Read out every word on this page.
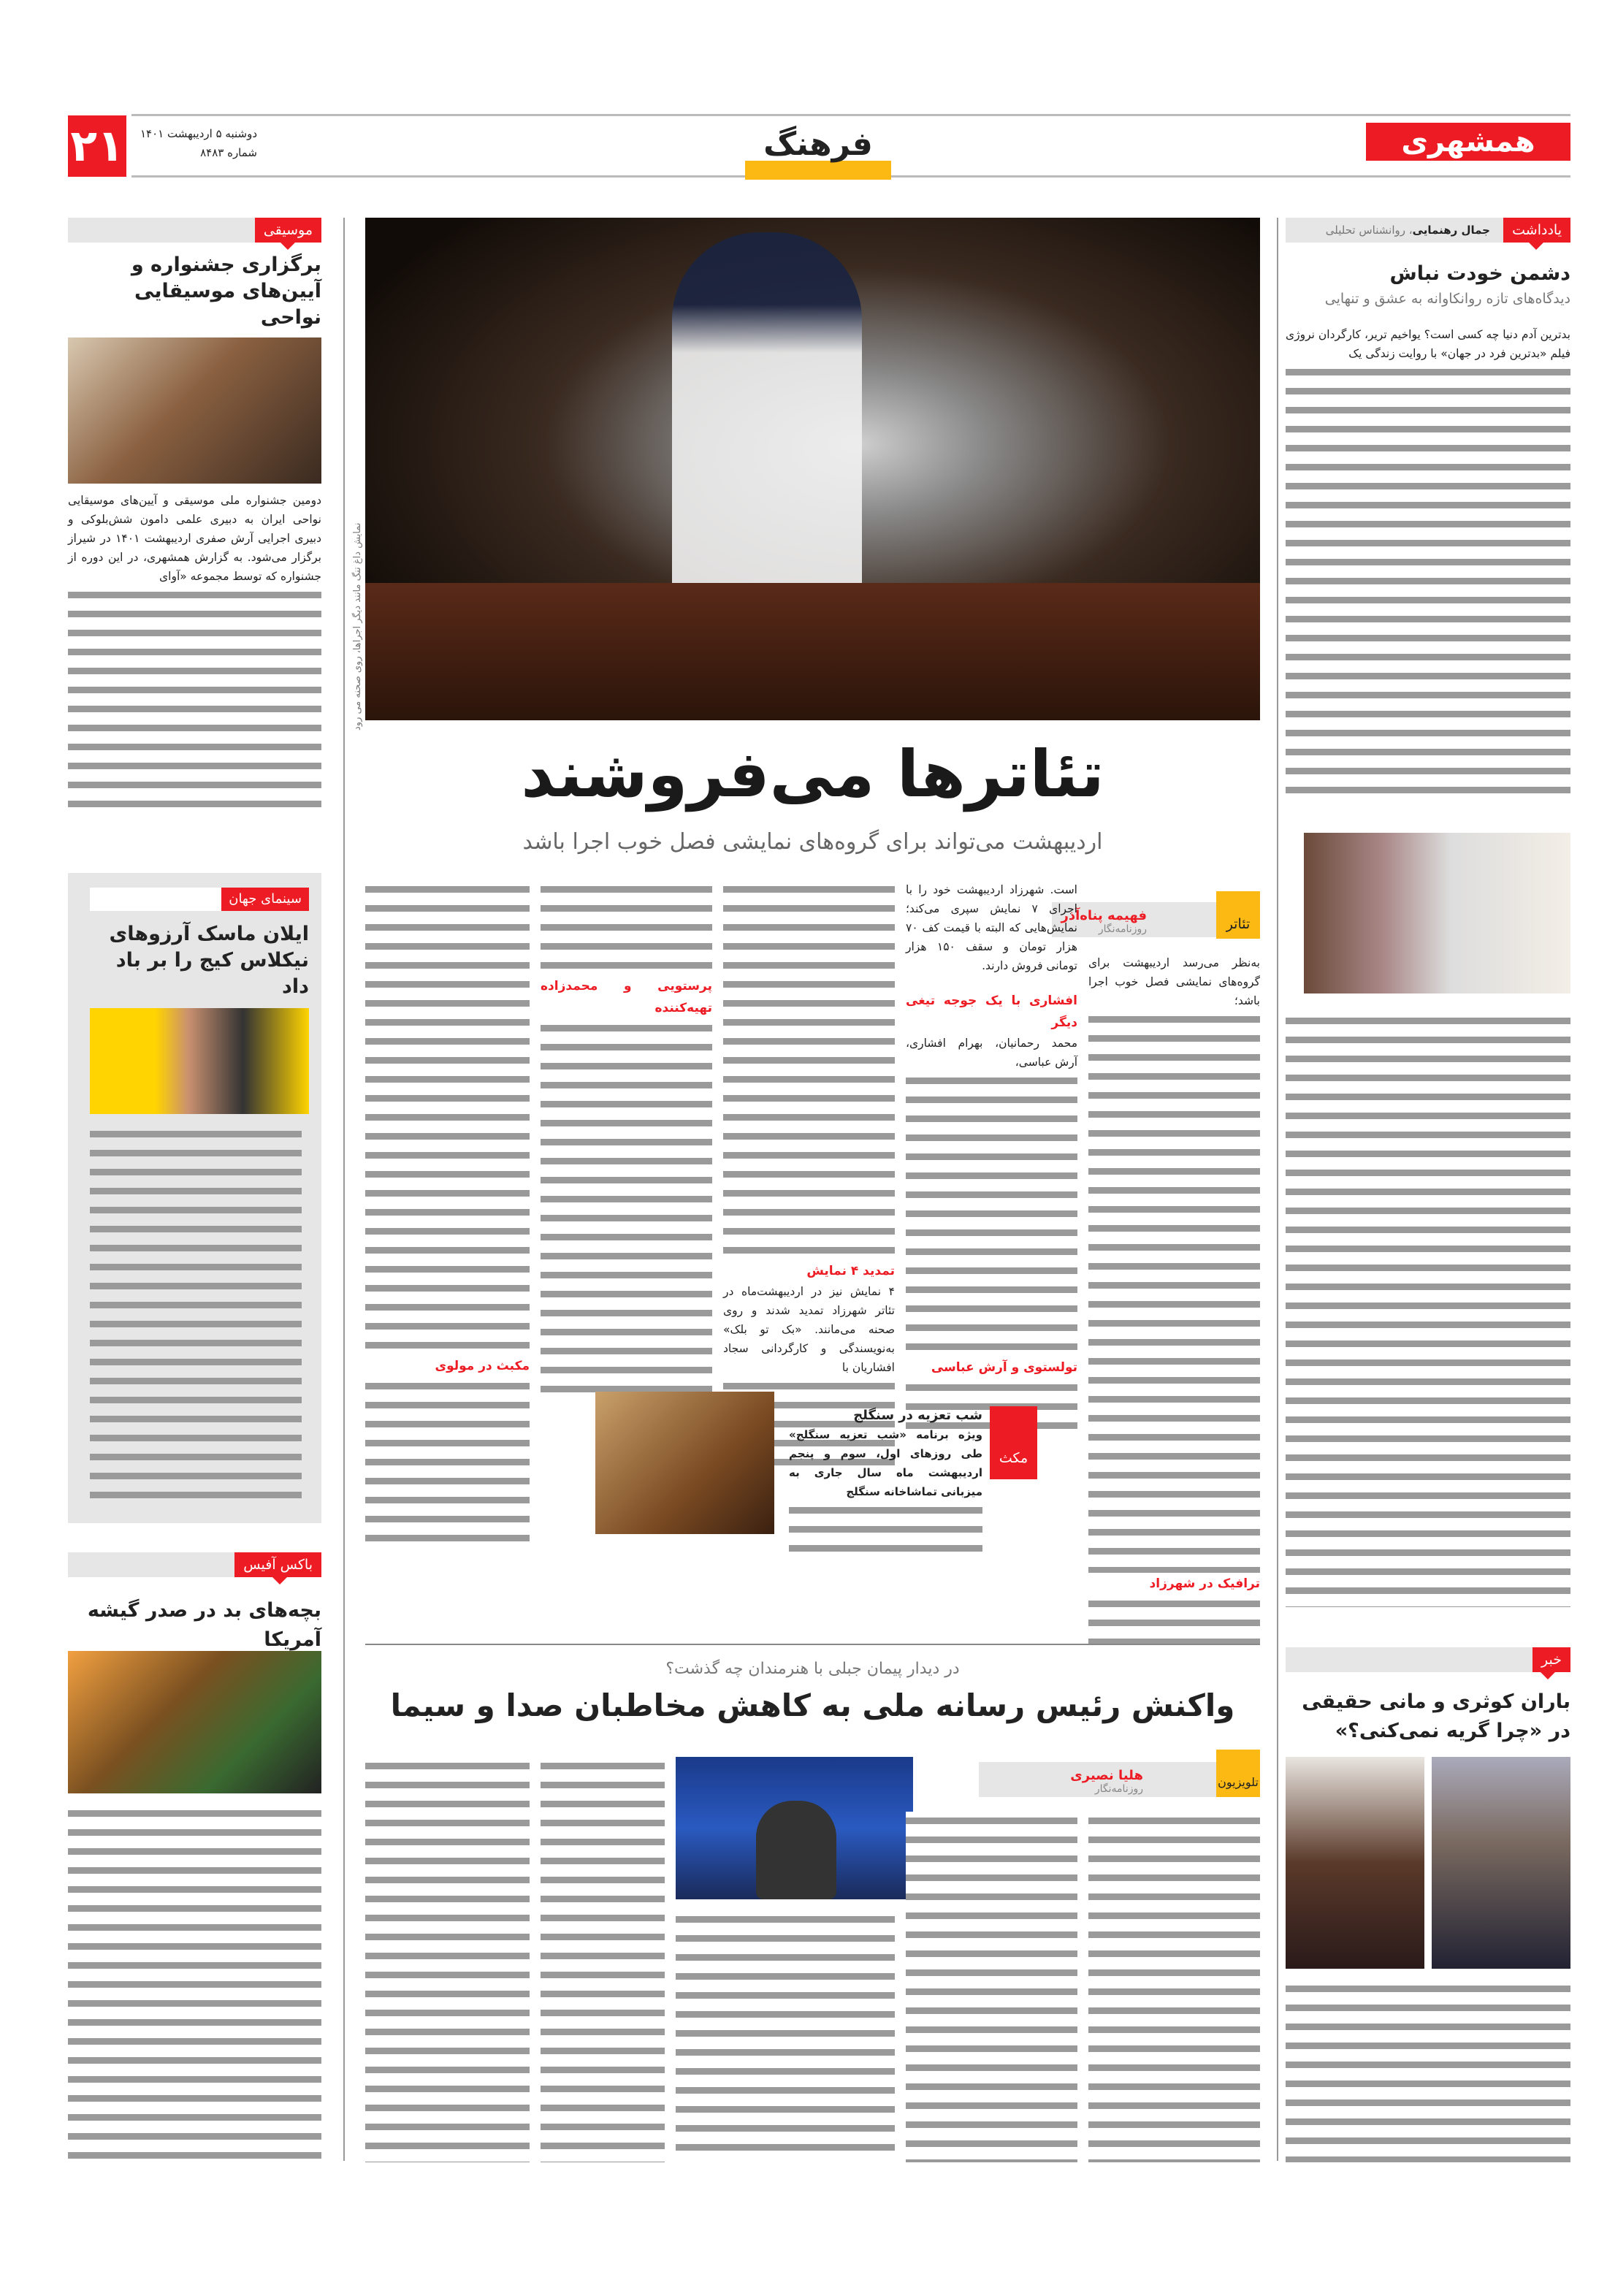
۲۱	دوشنبه ۵ اردیبهشت ۱۴۰۱
شماره ۸۴۸۳	فرهنگ	همشهری
نمایش داغ تنگ مانند دیگر اجراها، روی صحنه می رود
تئاترها می‌فروشند
اردیبهشت می‌تواند برای گروه‌های نمایشی فصل خوب اجرا باشد
فهیمه پناه‌آذر
روزنامه‌نگار	تئاتر
به‌نظر می‌رسد اردیبهشت برای گروه‌های نمایشی فصل خوب اجرا باشد؛
ترافیک در شهرزاد
است. شهرزاد اردیبهشت خود را با اجرای ۷ نمایش سپری می‌کند؛ نمایش‌هایی که البته با قیمت کف ۷۰ هزار تومان و سقف ۱۵۰ هزار تومانی فروش دارند.
افشاری با یک جوجه تیغی دیگر
محمد رحمانیان، بهرام افشاری، آرش عباسی،
تولستوی و آرش عباسی
تمدید ۴ نمایش
۴ نمایش نیز در اردیبهشت‌ماه در تئاتر شهرزاد تمدید شدند و روی صحنه می‌مانند. «بک تو بلک» به‌نویسندگی و کارگردانی سجاد افشاریان با
پرستویی و محمدزاده تهیه‌کننده
مکبث در مولوی
مکث
شب تعزیه در سنگلج
ویژه برنامه «شب تعزیه سنگلج» طی روزهای اول، سوم و پنجم اردیبهشت ماه سال جاری به میزبانی تماشاخانه سنگلج
یادداشت
جمال رهنمایی، روانشناس تحلیلی
دشمن خودت نباش
دیدگاه‌های تازه روانکاوانه به عشق و تنهایی
بدترین آدم دنیا چه کسی است؟ یواخیم تریر، کارگردان نروژی فیلم «بدترین فرد در جهان» با روایت زندگی یک
خبر
باران کوثری و مانی حقیقی در «چرا گریه نمی‌کنی؟»
موسیقی
برگزاری جشنواره و آیین‌های موسیقایی نواحی
دومین جشنواره ملی موسیقی و آیین‌های موسیقایی نواحی ایران به دبیری علمی دامون شش‌بلوکی و دبیری اجرایی آرش صفری اردیبهشت ۱۴۰۱ در شیراز برگزار می‌شود. به گزارش همشهری، در این دوره از جشنواره که توسط مجموعه «آوای
سینمای جهان
ایلان ماسک آرزوهای نیکلاس کیج را بر باد داد
باکس آفیس
بچه‌های بد در صدر گیشه آمریکا
در دیدار پیمان جبلی با هنرمندان چه گذشت؟
واکنش رئیس رسانه ملی به کاهش مخاطبان صدا و سیما
هلیا نصیری
روزنامه‌نگار	تلویزیون
